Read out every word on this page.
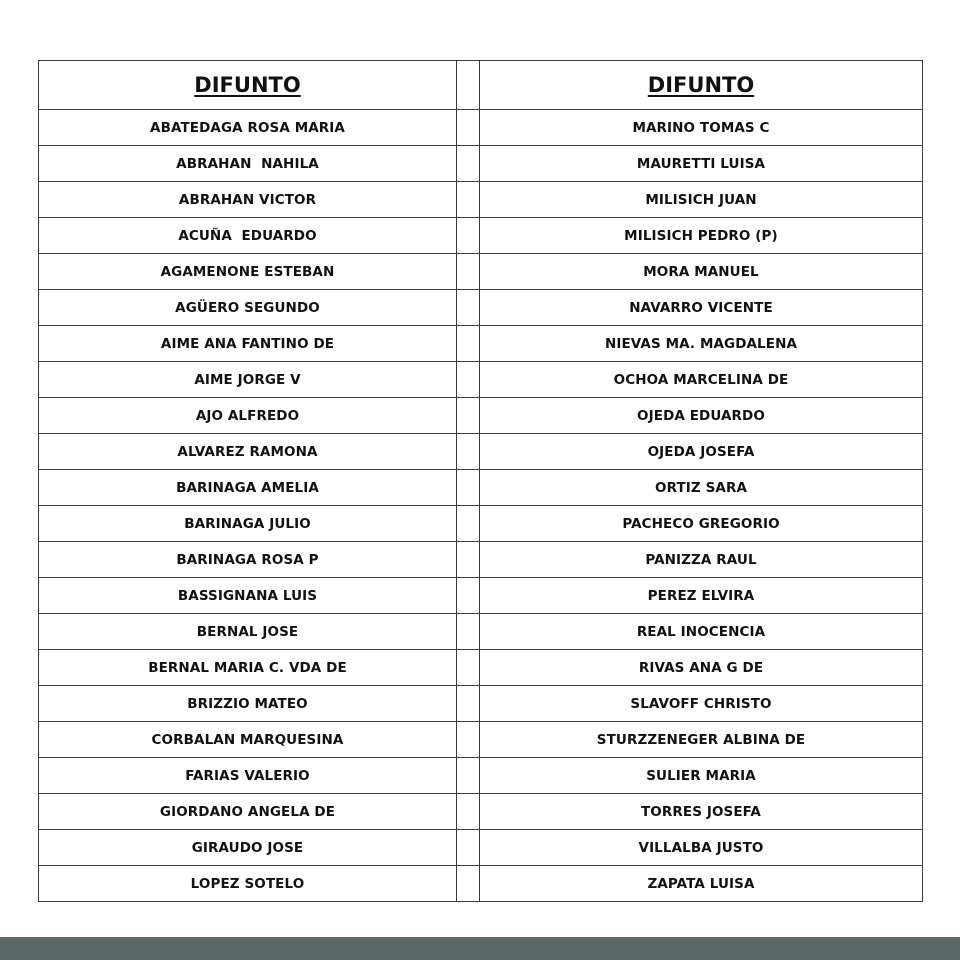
DIFUNTO		DIFUNTO
ABATEDAGA ROSA MARIA		MARINO TOMAS C
ABRAHAN  NAHILA		MAURETTI LUISA
ABRAHAN VICTOR		MILISICH JUAN
ACUÑA  EDUARDO		MILISICH PEDRO (P)
AGAMENONE ESTEBAN		MORA MANUEL
AGÜERO SEGUNDO		NAVARRO VICENTE
AIME ANA FANTINO DE		NIEVAS MA. MAGDALENA
AIME JORGE V		OCHOA MARCELINA DE
AJO ALFREDO		OJEDA EDUARDO
ALVAREZ RAMONA		OJEDA JOSEFA
BARINAGA AMELIA		ORTIZ SARA
BARINAGA JULIO		PACHECO GREGORIO
BARINAGA ROSA P		PANIZZA RAUL
BASSIGNANA LUIS		PEREZ ELVIRA
BERNAL JOSE		REAL INOCENCIA
BERNAL MARIA C. VDA DE		RIVAS ANA G DE
BRIZZIO MATEO		SLAVOFF CHRISTO
CORBALAN MARQUESINA		STURZZENEGER ALBINA DE
FARIAS VALERIO		SULIER MARIA
GIORDANO ANGELA DE		TORRES JOSEFA
GIRAUDO JOSE		VILLALBA JUSTO
LOPEZ SOTELO		ZAPATA LUISA
